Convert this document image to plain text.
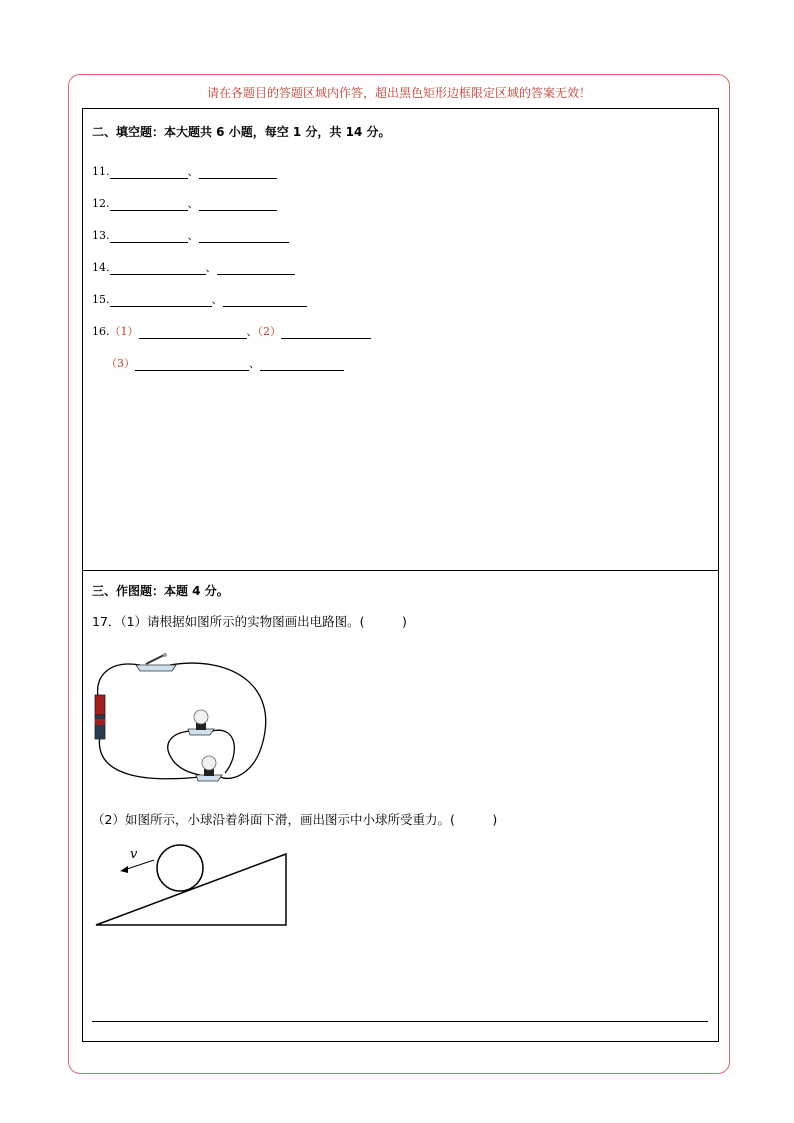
请在各题目的答题区域内作答，超出黑色矩形边框限定区域的答案无效！
二、填空题：本大题共 6 小题，每空 1 分，共 14 分。
11.	、
12.	、
13.	、
14.	、
15.	、
16.（1）	、（2）
（3）	、
三、作图题：本题 4 分。
17．（1）请根据如图所示的实物图画出电路图。(　　　)
（2）如图所示，小球沿着斜面下滑，画出图示中小球所受重力。(　　　)
v
